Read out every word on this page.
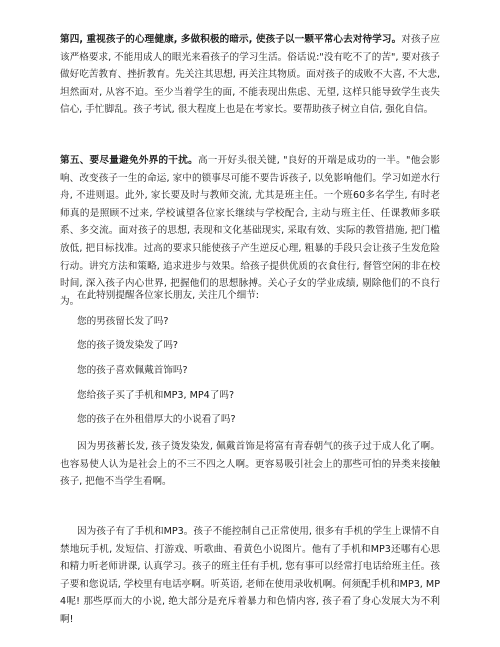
第四, 重视孩子的心理健康, 多做积极的暗示, 使孩子以一颗平常心去对待学习。对孩子应该严格要求, 不能用成人的眼光来看孩子的学习生活。俗话说:"没有吃不了的苦", 要对孩子做好吃苦教育、挫折教育。先关注其思想, 再关注其物质。面对孩子的成败不大喜, 不大悲, 坦然面对, 从容不迫。至少当着学生的面, 不能表现出焦虑、无望, 这样只能导致学生丧失信心, 手忙脚乱。孩子考试, 很大程度上也是在考家长。要帮助孩子树立自信, 强化自信。

第五、要尽量避免外界的干扰。高一开好头很关键, "良好的开端是成功的一半。"他会影响、改变孩子一生的命运, 家中的锁事尽可能不要告诉孩子, 以免影响他们。学习如逆水行舟, 不进则退。此外, 家长要及时与教师交流, 尤其是班主任。一个班60多名学生, 有时老师真的是照顾不过来, 学校诚望各位家长继续与学校配合, 主动与班主任、任课教师多联系、多交流。面对孩子的思想, 表现和文化基础现实, 采取有效、实际的教管措施, 把门槛放低, 把目标找准。过高的要求只能使孩子产生逆反心理, 粗暴的手段只会让孩子生发危险行动。讲究方法和策略, 追求进步与效果。给孩子提供优质的衣食住行, 督管空闲的非在校时间, 深入孩子内心世界, 把握他们的思想脉搏。关心子女的学业成绩, 剔除他们的不良行为。

在此特别提醒各位家长朋友, 关注几个细节:

您的男孩留长发了吗?

您的孩子烫发染发了吗?

您的孩子喜欢佩戴首饰吗?

您给孩子买了手机和MP3, MP4了吗?

您的孩子在外租借厚大的小说看了吗?

因为男孩蓄长发, 孩子烫发染发, 佩戴首饰是将富有青春朝气的孩子过于成人化了啊。也容易使人认为是社会上的不三不四之人啊。更容易吸引社会上的那些可怕的异类来接触孩子, 把他不当学生看啊。

因为孩子有了手机和MP3。孩子不能控制自己正常使用, 很多有手机的学生上课情不自禁地玩手机, 发短信、打游戏、听歌曲、看黄色小说图片。他有了手机和MP3还哪有心思和精力听老师讲课, 认真学习。孩子的班主任有手机, 您有事可以经常打电话给班主任。孩子要和您说话, 学校里有电话亭啊。听英语, 老师在使用录收机啊。何须配手机和MP3, MP4呢! 那些厚而大的小说, 绝大部分是充斥着暴力和色情内容, 孩子看了身心发展大为不利啊!
